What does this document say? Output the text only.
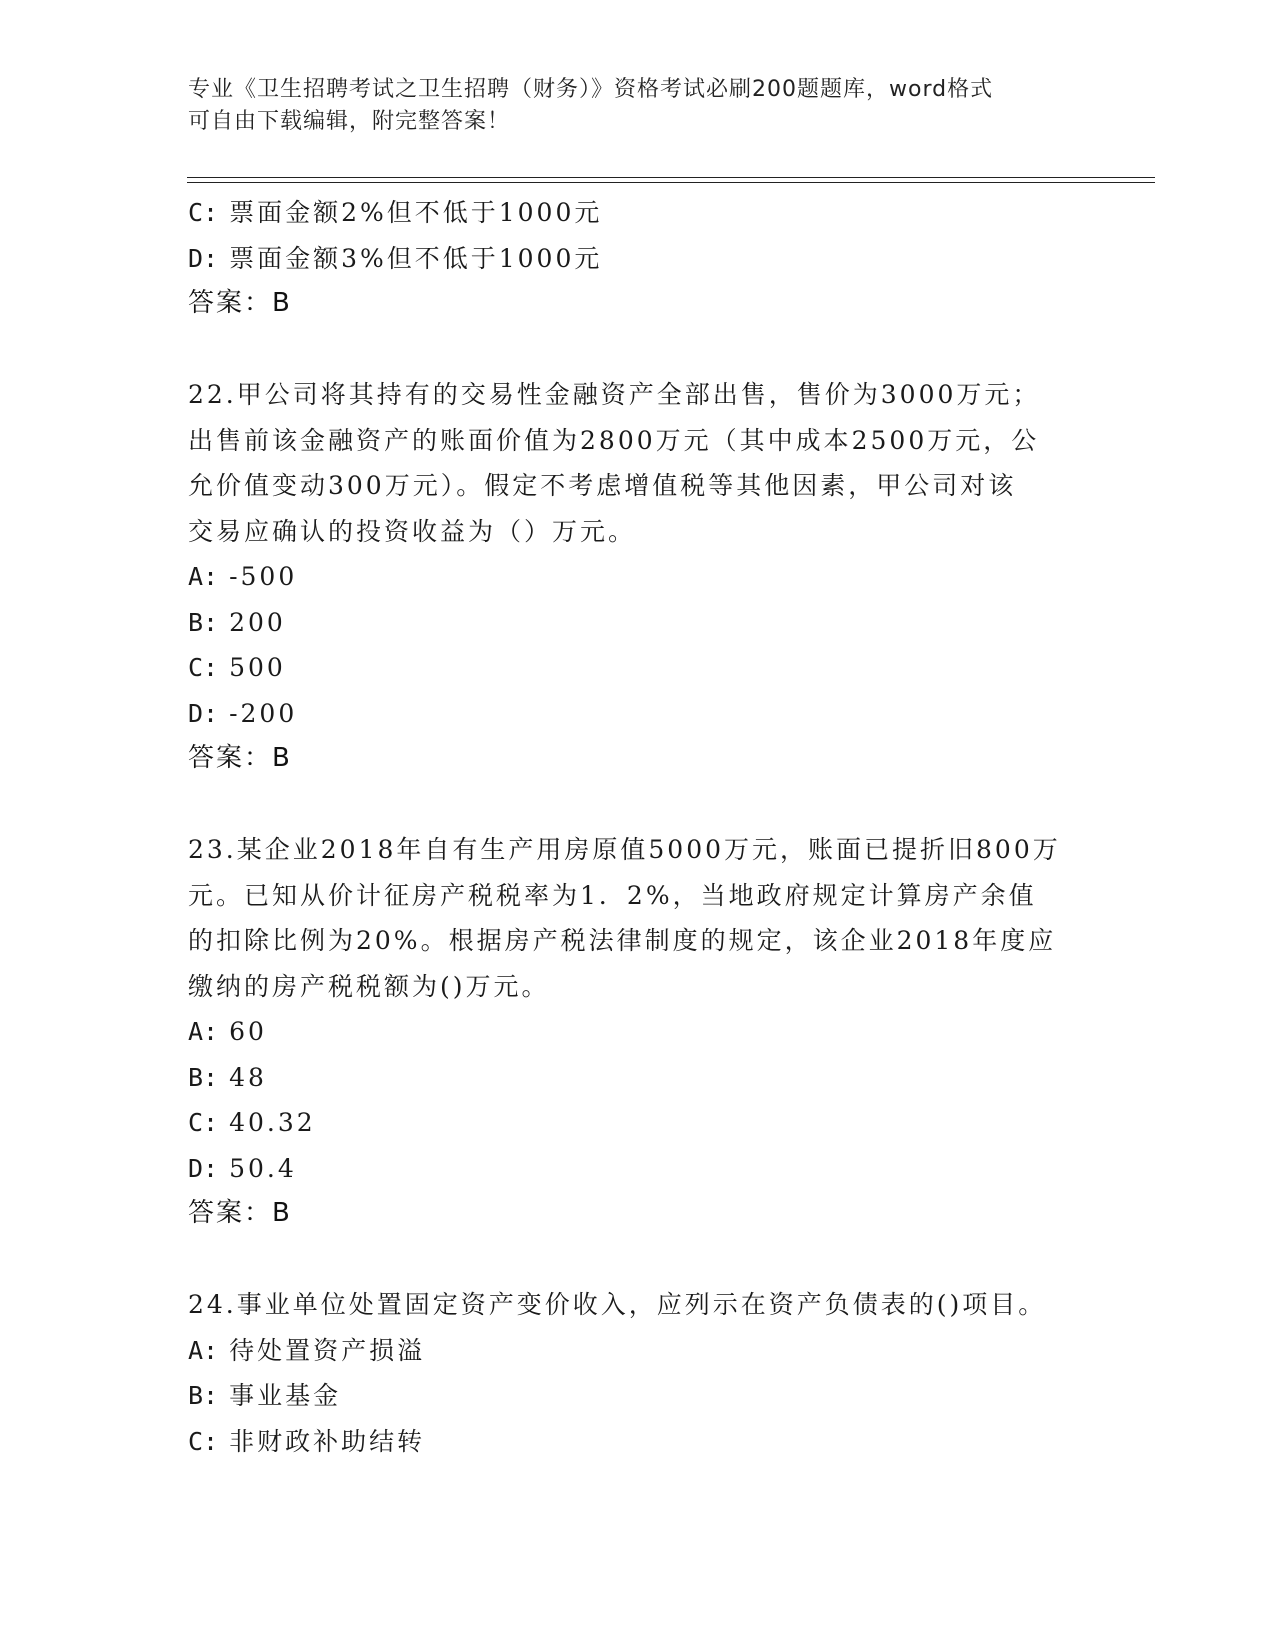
专业《卫生招聘考试之卫生招聘（财务）》资格考试必刷200题题库，word格式
可自由下载编辑，附完整答案！
C: 票面金额2%但不低于1000元
D: 票面金额3%但不低于1000元
答案：B
22.甲公司将其持有的交易性金融资产全部出售，售价为3000万元；
出售前该金融资产的账面价值为2800万元（其中成本2500万元，公
允价值变动300万元）。假定不考虑增值税等其他因素，甲公司对该
交易应确认的投资收益为（）万元。
A: -500
B: 200
C: 500
D: -200
答案：B
23.某企业2018年自有生产用房原值5000万元，账面已提折旧800万
元。已知从价计征房产税税率为1．2%，当地政府规定计算房产余值
的扣除比例为20%。根据房产税法律制度的规定，该企业2018年度应
缴纳的房产税税额为()万元。
A: 60
B: 48
C: 40.32
D: 50.4
答案：B
24.事业单位处置固定资产变价收入，应列示在资产负债表的()项目。
A: 待处置资产损溢
B: 事业基金
C: 非财政补助结转
